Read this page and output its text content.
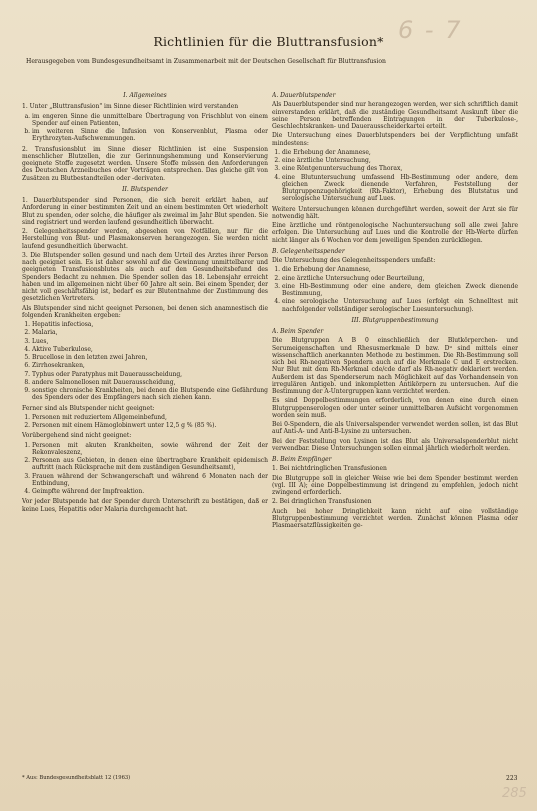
6 - 7
Richtlinien für die Bluttransfusion*
Herausgegeben vom Bundesgesundheitsamt in Zusammenarbeit mit der Deutschen Gesellschaft für Bluttransfusion
I. Allgemeines

1. Unter „Bluttransfusion" im Sinne dieser Richtlinien wird verstanden

a. im engeren Sinne die unmittelbare Übertragung von Frischblut von einem Spender auf einen Patienten,
b. im weiteren Sinne die Infusion von Konservenblut, Plasma oder Erythrozyten-Aufschwemmungen.

2. Transfusionsblut im Sinne dieser Richtlinien ist eine Suspension menschlicher Blutzellen, die zur Gerinnungshemmung und Konservierung geeignete Stoffe zugesetzt werden. Unsere Stoffe müssen den Anforderungen des Deutschen Arzneibuches oder Vorträgen entsprechen. Das gleiche gilt von Zusätzen zu Blutbestandteilen oder -derivaten.

II. Blutspender

1. Dauerblutspender sind Personen, die sich bereit erklärt haben, auf Anforderung in einer bestimmten Zeit und an einem bestimmten Ort wiederholt Blut zu spenden, oder solche, die häufiger als zweimal im Jahr Blut spenden. Sie sind registriert und werden laufend gesundheitlich überwacht.

2. Gelegenheitsspender werden, abgesehen von Notfällen, nur für die Herstellung von Blut- und Plasmakonserven herangezogen. Sie werden nicht laufend gesundheitlich überwacht.

3. Die Blutspender sollen gesund und nach dem Urteil des Arztes ihrer Person nach geeignet sein. Es ist daher sowohl auf die Gewinnung unmittelbarer und geeigneten Transfusionsblutes als auch auf den Gesundheitsbefund des Spenders Bedacht zu nehmen. Die Spender sollen das 18. Lebensjahr erreicht haben und im allgemeinen nicht über 60 Jahre alt sein. Bei einem Spender, der nicht voll geschäftsfähig ist, bedarf es zur Blutentnahme der Zustimmung des gesetzlichen Vertreters.

Als Blutspender sind nicht geeignet Personen, bei denen sich anamnestisch die folgenden Krankheiten ergeben:

1. Hepatitis infectiosa,
2. Malaria,
3. Lues,
4. Aktive Tuberkulose,
5. Brucellose in den letzten zwei Jahren,
6. Zirrhosekranken,
7. Typhus oder Paratyphus mit Dauerausscheidung,
8. andere Salmonellosen mit Dauerausscheidung,
9. sonstige chronische Krankheiten, bei denen die Blutspende eine Gefährdung des Spenders oder des Empfängers nach sich ziehen kann.

Ferner sind als Blutspender nicht geeignet:

1. Personen mit reduziertem Allgemeinbefund,
2. Personen mit einem Hämoglobinwert unter 12,5 g % (85 %).

Vorübergehend sind nicht geeignet:

1. Personen mit akuten Krankheiten, sowie während der Zeit der Rekonvaleszenz,
2. Personen aus Gebieten, in denen eine übertragbare Krankheit epidemisch auftritt (nach Rücksprache mit dem zuständigen Gesundheitsamt),
3. Frauen während der Schwangerschaft und während 6 Monaten nach der Entbindung,
4. Geimpfte während der Impfreaktion.

Vor jeder Blutspende hat der Spender durch Unterschrift zu bestätigen, daß er keine Lues, Hepatitis oder Malaria durchgemacht hat.

A. Dauerblutspender

Als Dauerblutspender sind nur herangezogen werden, wer sich schriftlich damit einverstanden erklärt, daß die zuständige Gesundheitsamt Auskunft über die seine Person betreffenden Eintragungen in der Tuberkulose-, Geschlechtskranken- und Dauerausscheiderkartei erteilt.

Die Untersuchung eines Dauerblutspenders bei der Verpflichtung umfaßt mindestens:

1. die Erhebung der Anamnese,
2. eine ärztliche Untersuchung,
3. eine Röntgenuntersuchung des Thorax,
4. eine Blutuntersuchung umfassend Hb-Bestimmung oder andere, dem gleichen Zweck dienende Verfahren, Feststellung der Blutgruppenzugehörigkeit (Rh-Faktor), Erhebung des Blutstatus und serologische Untersuchung auf Lues.

Weitere Untersuchungen können durchgeführt werden, soweit der Arzt sie für notwendig hält.

Eine ärztliche und röntgenologische Nachuntersuchung soll alle zwei Jahre erfolgen. Die Untersuchung auf Lues und die Kontrolle der Hb-Werte dürfen nicht länger als 6 Wochen vor dem jeweiligen Spenden zurückliegen.

B. Gelegenheitsspender

Die Untersuchung des Gelegenheitsspenders umfaßt:

1. die Erhebung der Anamnese,
2. eine ärztliche Untersuchung oder Beurteilung,
3. eine Hb-Bestimmung oder eine andere, dem gleichen Zweck dienende Bestimmung,
4. eine serologische Untersuchung auf Lues (erfolgt ein Schnelltest mit nachfolgender vollständiger serologischer Luesuntersuchung).
III. Blutgruppenbestimmung
A. Beim Spender

Die Blutgruppen A B 0 einschließlich der Blutkörperchen- und Serumeigenschaften und Rhesusmerkmale D bzw. Dᵘ sind mittels einer wissenschaftlich anerkannten Methode zu bestimmen. Die Rh-Bestimmung soll sich bei Rh-negativen Spendern auch auf die Merkmale C und E erstrecken. Nur Blut mit dem Rh-Merkmal cde/cde darf als Rh-negativ deklariert werden. Außerdem ist das Spenderserum nach Möglichkeit auf das Vorhandensein von irregulären Antigeb. und inkompletten Antikörpern zu untersuchen. Auf die Bestimmung der A-Untergruppen kann verzichtet werden.

Es sind Doppelbestimmungen erforderlich, von denen eine durch einen Blutgruppenserologen oder unter seiner unmittelbaren Aufsicht vorgenommen worden sein muß.

Bei 0-Spendern, die als Universalspender verwendet werden sollen, ist das Blut auf Anti-A- und Anti-B-Lysine zu untersuchen.

Bei der Feststellung von Lysinen ist das Blut als Universalspenderblut nicht verwendbar. Diese Untersuchungen sollen einmal jährlich wiederholt werden.

B. Beim Empfänger

1. Bei nichtdringlichen Transfusionen

Die Blutgruppe soll in gleicher Weise wie bei dem Spender bestimmt werden (vgl. III A); eine Doppelbestimmung ist dringend zu empfehlen, jedoch nicht zwingend erforderlich.

2. Bei dringlichen Transfusionen

Auch bei hoher Dringlichkeit kann nicht auf eine vollständige Blutgruppenbestimmung verzichtet werden. Zunächst können Plasma oder Plasmaersatzflüssigkeiten ge-

* Aus: Bundesgesundheitsblatt 12 (1963)	223
285
